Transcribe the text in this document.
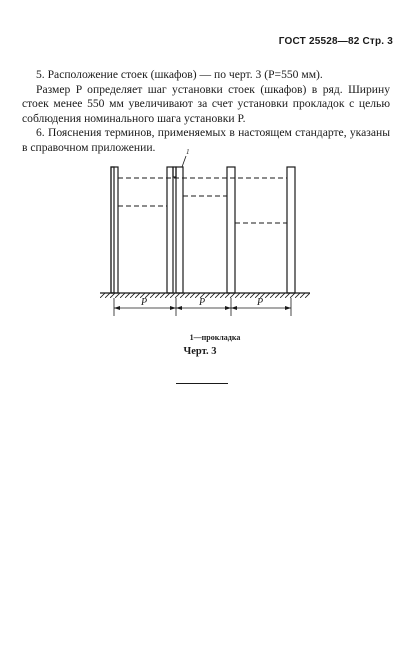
ГОСТ 25528—82 Стр. 3

5. Расположение стоек (шкафов) — по черт. 3 (P=550 мм).

Размер P определяет шаг установки стоек (шкафов) в ряд. Ширину стоек менее 550 мм увеличивают за счет установки прокладок с целью соблюдения номинального шага установки P.

6. Пояснения терминов, применяемых в настоящем стандарте, указаны в справочном приложении.	1
P	P	P
1—прокладка
Черт. 3
